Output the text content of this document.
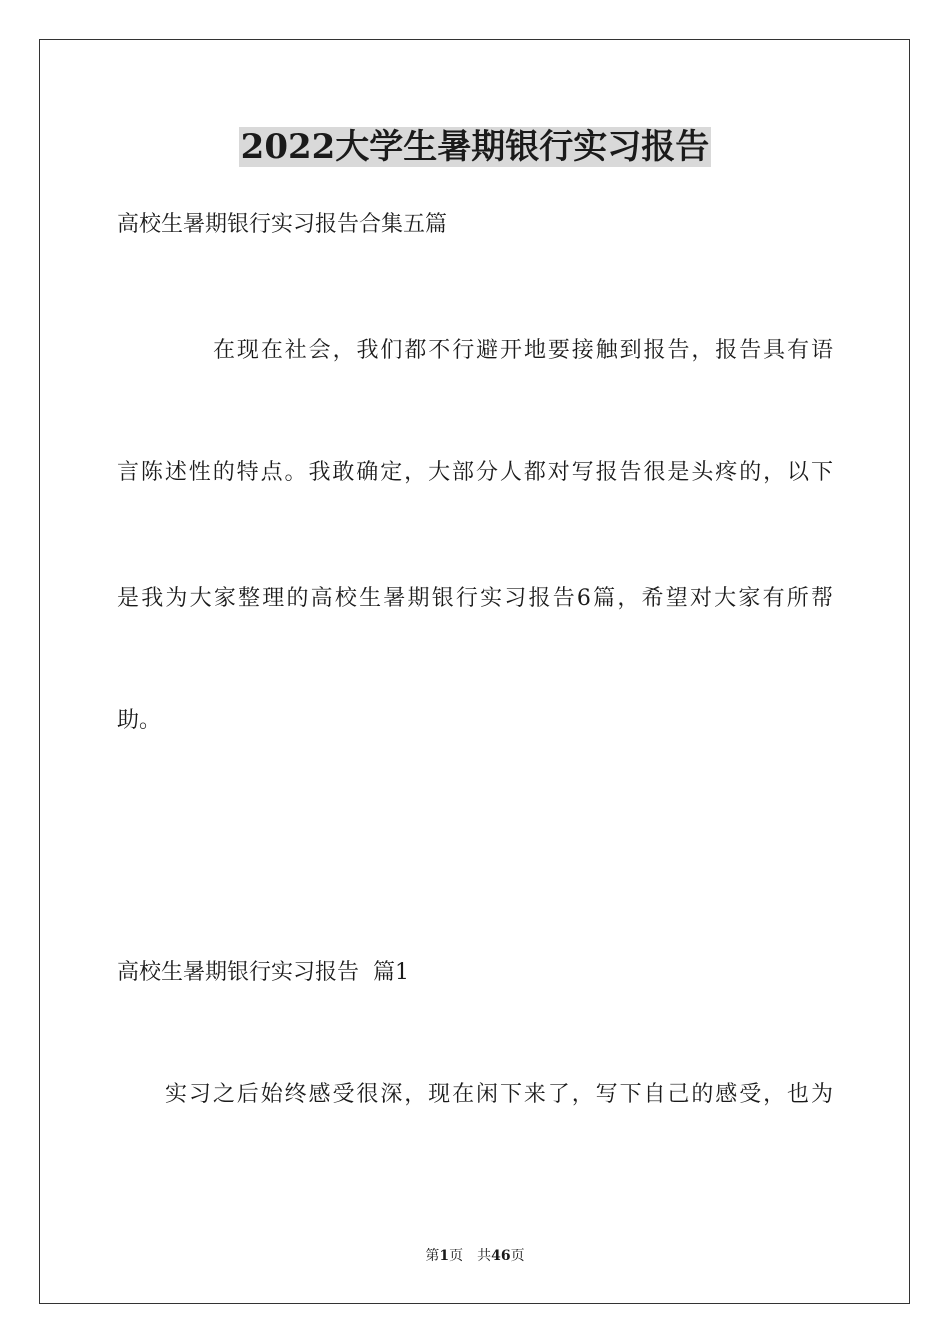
2022大学生暑期银行实习报告
高校生暑期银行实习报告合集五篇
在现在社会，我们都不行避开地要接触到报告，报告具有语
言陈述性的特点。我敢确定，大部分人都对写报告很是头疼的，以下
是我为大家整理的高校生暑期银行实习报告6篇，希望对大家有所帮
助。
高校生暑期银行实习报告  篇1
实习之后始终感受很深，现在闲下来了，写下自己的感受，也为
第1页 共46页
